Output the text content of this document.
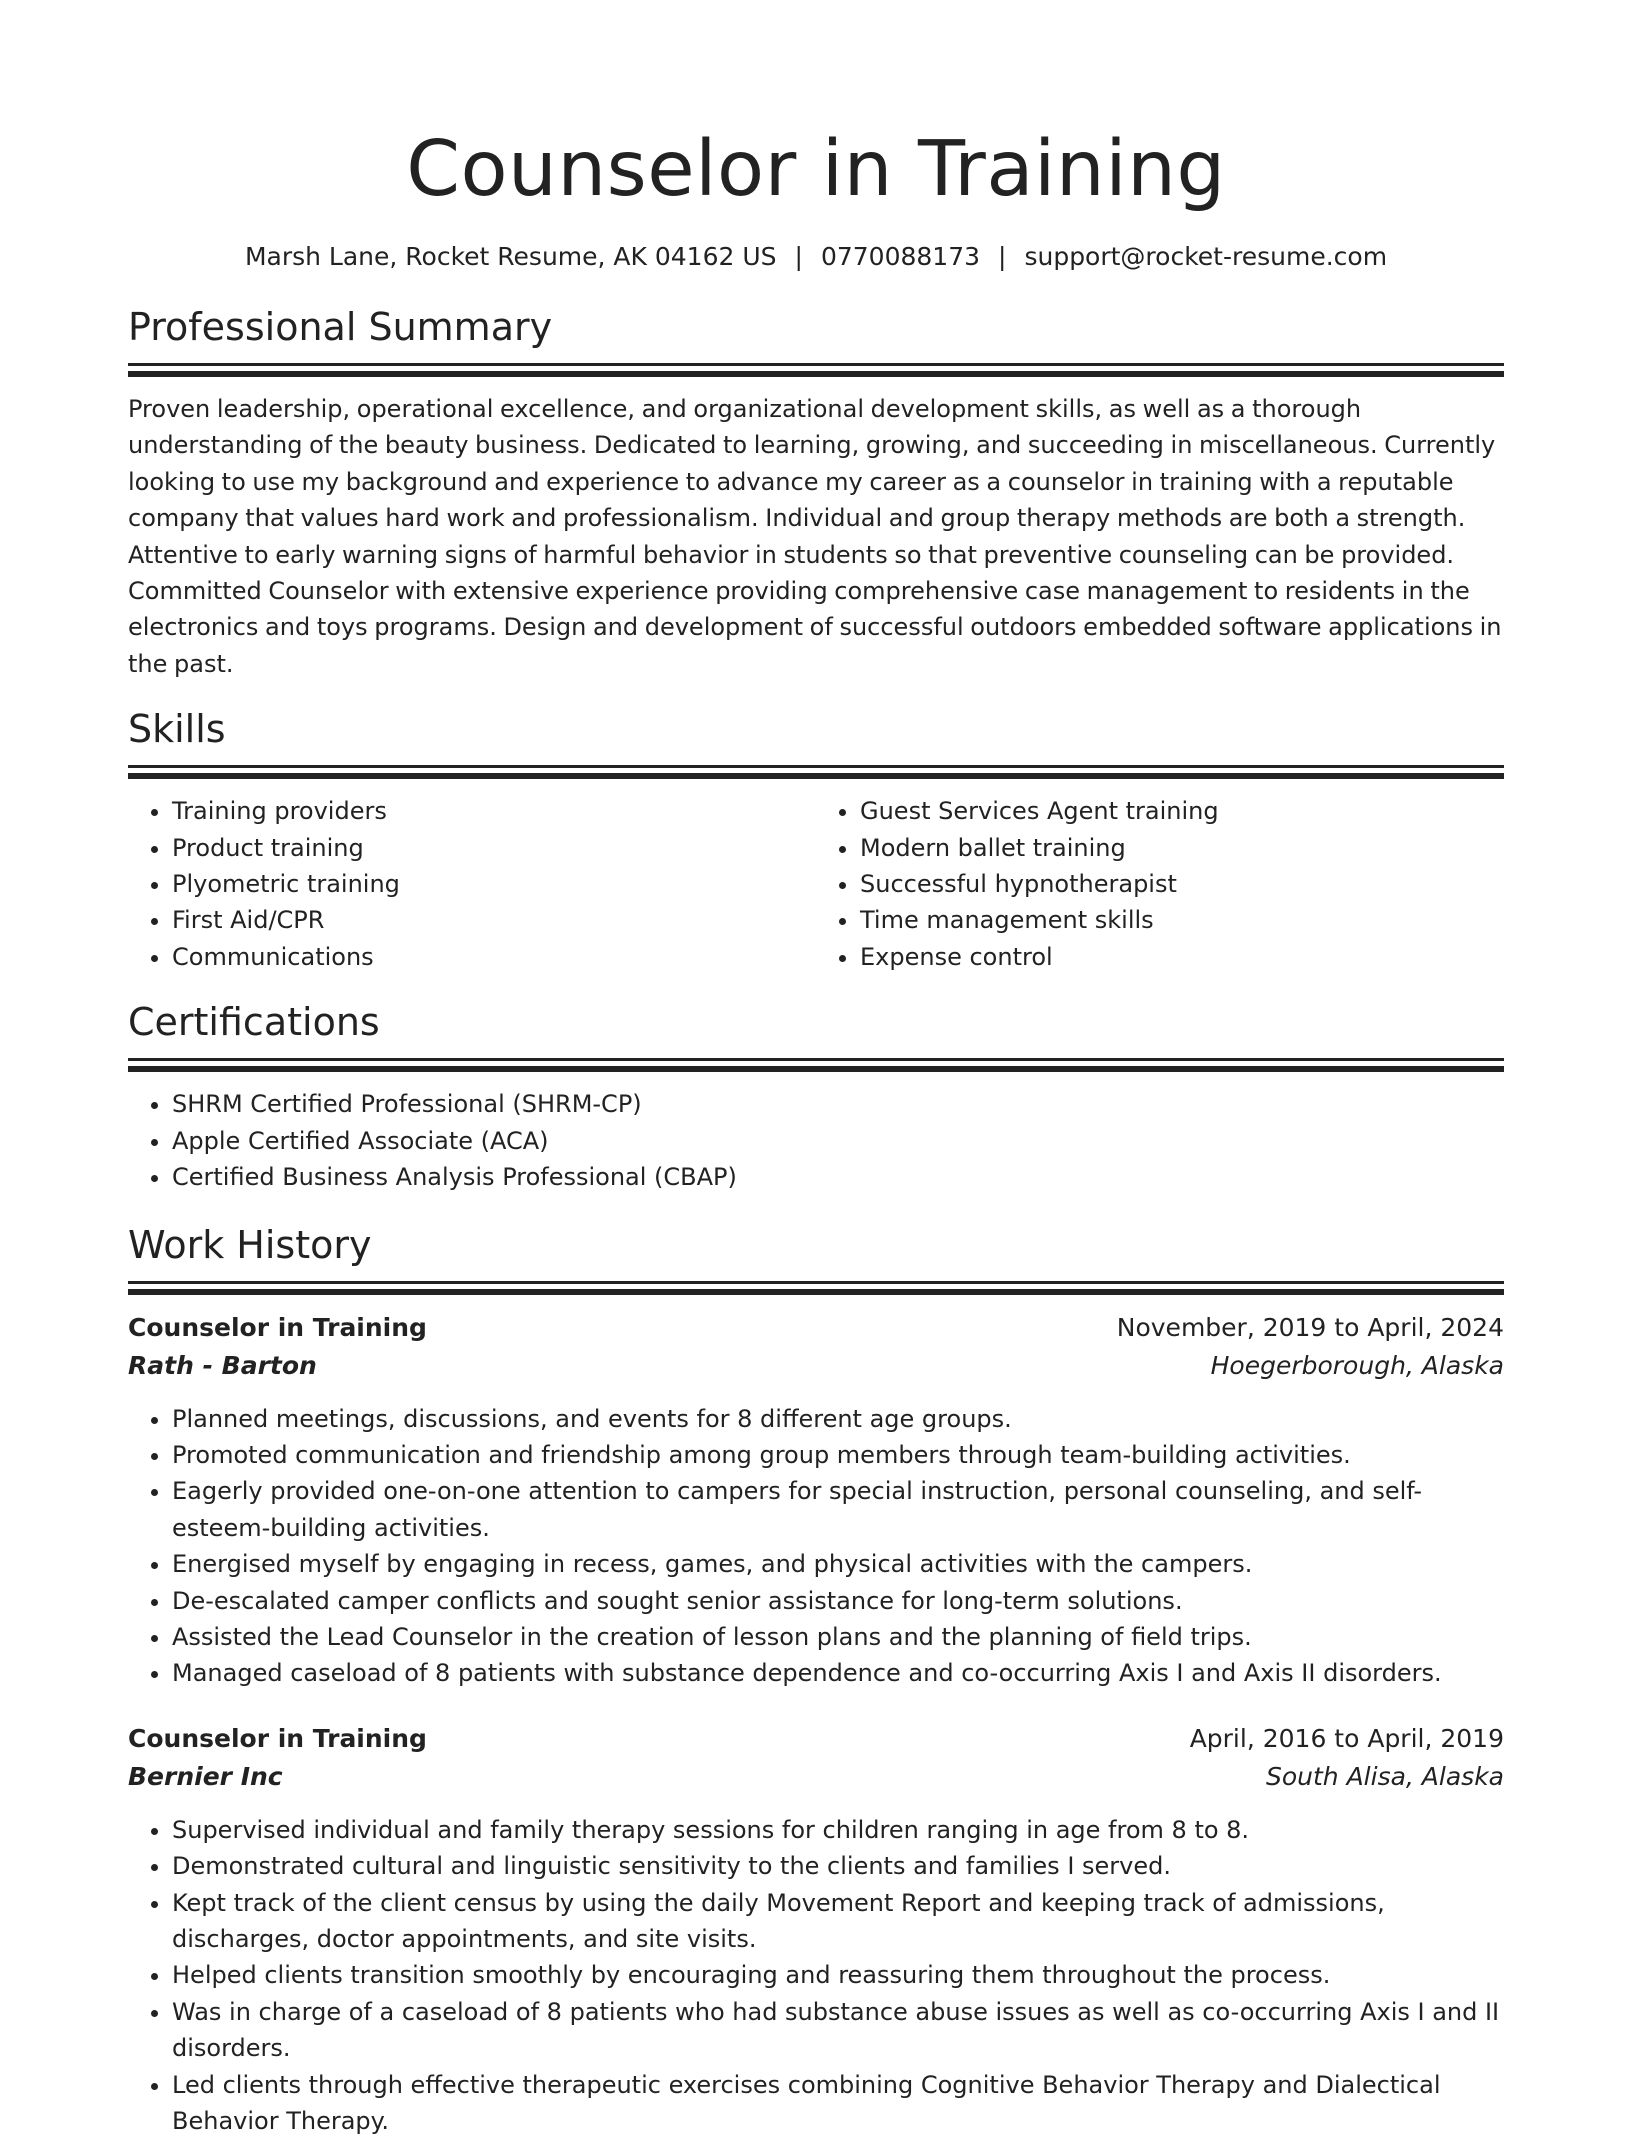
Counselor in Training
Marsh Lane, Rocket Resume, AK 04162 US | 0770088173 | support@rocket-resume.com
Professional Summary

Proven leadership, operational excellence, and organizational development skills, as well as a thorough understanding of the beauty business. Dedicated to learning, growing, and succeeding in miscellaneous. Currently looking to use my background and experience to advance my career as a counselor in training with a reputable company that values hard work and professionalism. Individual and group therapy methods are both a strength. Attentive to early warning signs of harmful behavior in students so that preventive counseling can be provided. Committed Counselor with extensive experience providing comprehensive case management to residents in the electronics and toys programs. Design and development of successful outdoors embedded software applications in the past.

Skills
• Training providers
• Product training
• Plyometric training
• First Aid/CPR
• Communications
• Guest Services Agent training
• Modern ballet training
• Successful hypnotherapist
• Time management skills
• Expense control
Certifications
• SHRM Certified Professional (SHRM-CP)
• Apple Certified Associate (ACA)
• Certified Business Analysis Professional (CBAP)
Work History
Counselor in Training	November, 2019 to April, 2024
Rath - Barton	Hoegerborough, Alaska
• Planned meetings, discussions, and events for 8 different age groups.
• Promoted communication and friendship among group members through team-building activities.
• Eagerly provided one-on-one attention to campers for special instruction, personal counseling, and self-esteem-building activities.
• Energised myself by engaging in recess, games, and physical activities with the campers.
• De-escalated camper conflicts and sought senior assistance for long-term solutions.
• Assisted the Lead Counselor in the creation of lesson plans and the planning of field trips.
• Managed caseload of 8 patients with substance dependence and co-occurring Axis I and Axis II disorders.
Counselor in Training	April, 2016 to April, 2019
Bernier Inc	South Alisa, Alaska
• Supervised individual and family therapy sessions for children ranging in age from 8 to 8.
• Demonstrated cultural and linguistic sensitivity to the clients and families I served.
• Kept track of the client census by using the daily Movement Report and keeping track of admissions, discharges, doctor appointments, and site visits.
• Helped clients transition smoothly by encouraging and reassuring them throughout the process.
• Was in charge of a caseload of 8 patients who had substance abuse issues as well as co-occurring Axis I and II disorders.
• Led clients through effective therapeutic exercises combining Cognitive Behavior Therapy and Dialectical Behavior Therapy.
